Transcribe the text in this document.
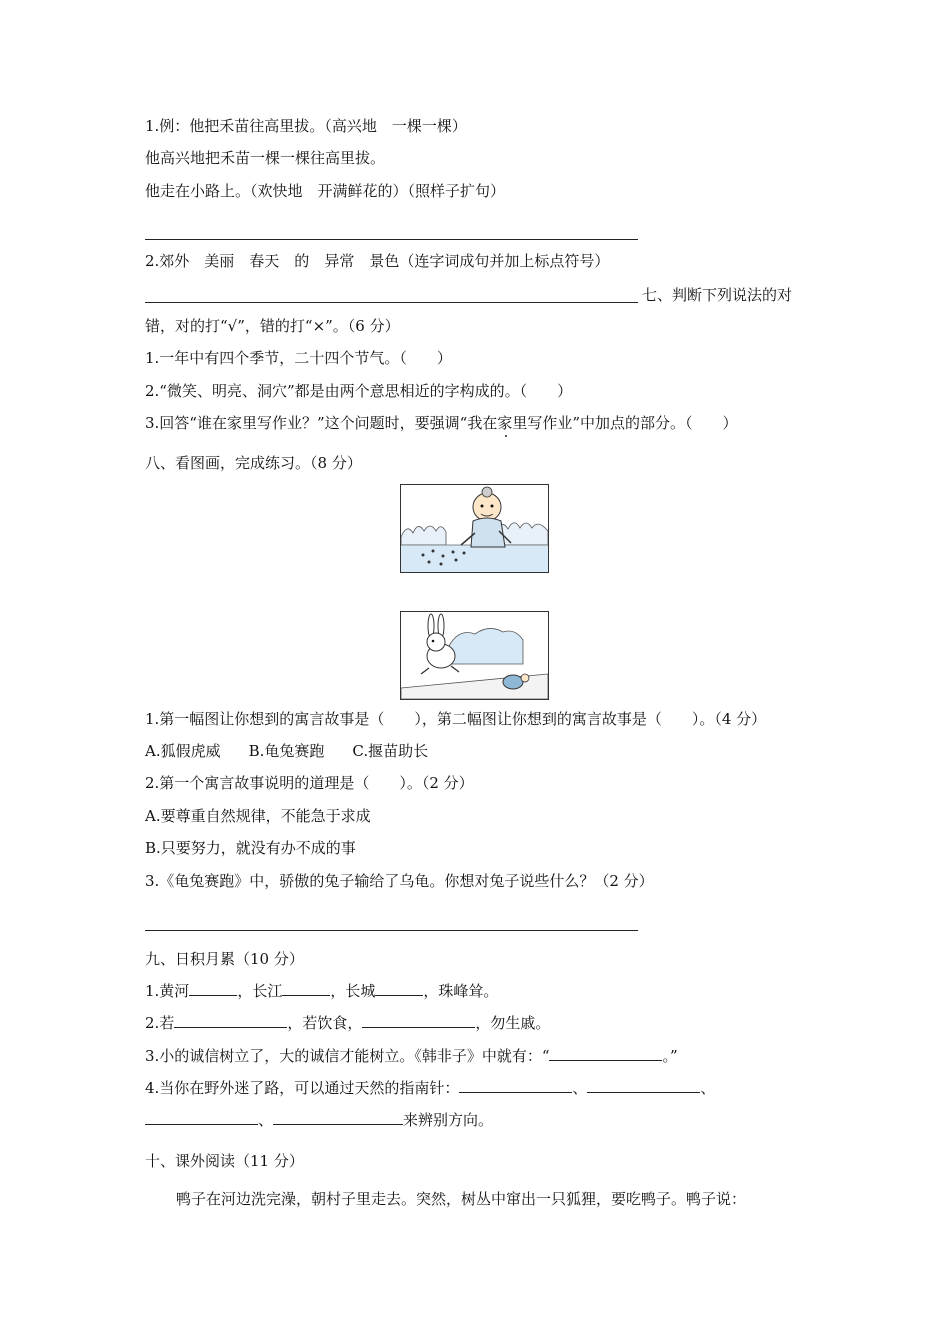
1.例：他把禾苗往高里拔。（高兴地　一棵一棵）
他高兴地把禾苗一棵一棵往高里拔。
他走在小路上。（欢快地　开满鲜花的）（照样子扩句）
2.郊外　美丽　春天　的　异常　景色（连字词成句并加上标点符号）
七、判断下列说法的对
错，对的打“√”，错的打“×”。（6 分）
1.一年中有四个季节，二十四个节气。（　　）
2.“微笑、明亮、洞穴”都是由两个意思相近的字构成的。（　　）
3.回答“谁在家里写作业？”这个问题时，要强调“我在家里写作业”中加点的部分。（　　）
八、看图画，完成练习。（8 分）
1.第一幅图让你想到的寓言故事是（　　），第二幅图让你想到的寓言故事是（　　）。（4 分）
A.狐假虎威 B.龟兔赛跑 C.揠苗助长
2.第一个寓言故事说明的道理是（　　）。（2 分）
A.要尊重自然规律，不能急于求成
B.只要努力，就没有办不成的事
3.《龟兔赛跑》中，骄傲的兔子输给了乌龟。你想对兔子说些什么？（2 分）
九、日积月累（10 分）
1.黄河	，长江	，长城	，珠峰耸。
2.若	，若饮食，	，勿生戚。
3.小的诚信树立了，大的诚信才能树立。《韩非子》中就有：“	。”
4.当你在野外迷了路，可以通过天然的指南针：	、	、
、	来辨别方向。
十、课外阅读（11 分）
鸭子在河边洗完澡，朝村子里走去。突然，树丛中窜出一只狐狸，要吃鸭子。鸭子说：
